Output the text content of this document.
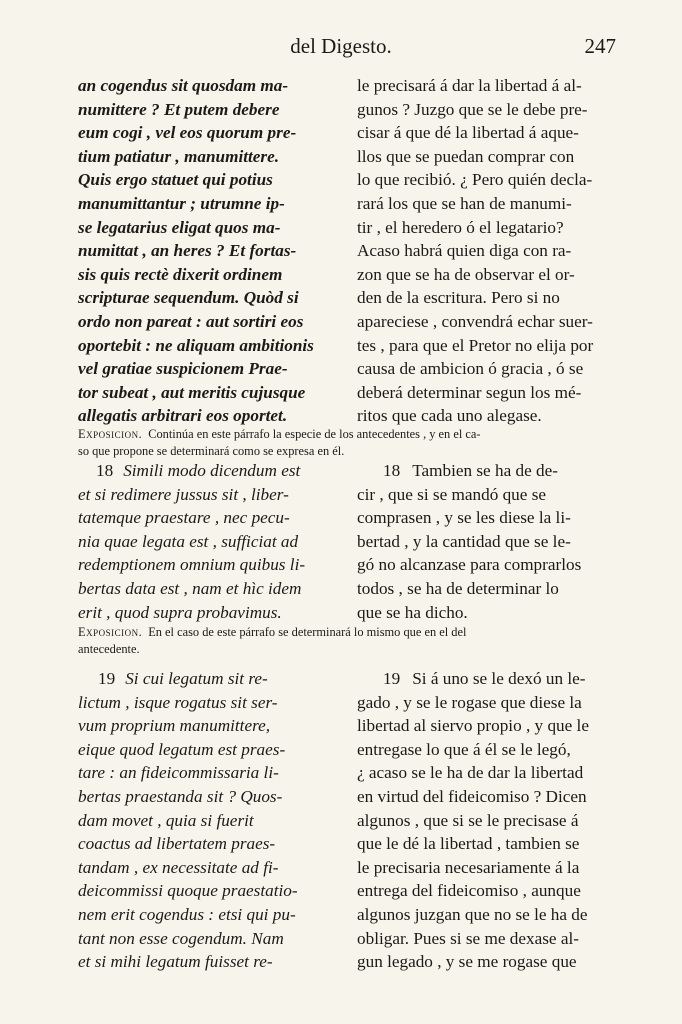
del Digesto.	247
an cogendus sit quosdam ma-
numittere ? Et putem debere
eum cogi , vel eos quorum pre-
tium patiatur , manumittere.
Quis ergo statuet qui potius
manumittantur ; utrumne ip-
se legatarius eligat quos ma-
numittat , an heres ? Et fortas-
sis quis rectè dixerit ordinem
scripturae sequendum. Quòd si
ordo non pareat : aut sortiri eos
oportebit : ne aliquam ambitionis
vel gratiae suspicionem Prae-
tor subeat , aut meritis cujusque
allegatis arbitrari eos oportet.
le precisará á dar la libertad á al-
gunos ? Juzgo que se le debe pre-
cisar á que dé la libertad á aque-
llos que se puedan comprar con
lo que recibió. ¿ Pero quién decla-
rará los que se han de manumi-
tir , el heredero ó el legatario?
Acaso habrá quien diga con ra-
zon que se ha de observar el or-
den de la escritura. Pero si no
apareciese , convendrá echar suer-
tes , para que el Pretor no elija por
causa de ambicion ó gracia , ó se
deberá determinar segun los mé-
ritos que cada uno alegase.
Exposicion. Continúa en este párrafo la especie de los antecedentes , y en el ca-
so que propone se determinará como se expresa en él.
18 Simili modo dicendum est
et si redimere jussus sit , liber-
tatemque praestare , nec pecu-
nia quae legata est , sufficiat ad
redemptionem omnium quibus li-
bertas data est , nam et hìc idem
erit , quod supra probavimus.
18 Tambien se ha de de-
cir , que si se mandó que se
comprasen , y se les diese la li-
bertad , y la cantidad que se le-
gó no alcanzase para comprarlos
todos , se ha de determinar lo
que se ha dicho.
Exposicion. En el caso de este párrafo se determinará lo mismo que en el del
antecedente.
19 Si cui legatum sit re-
lictum , isque rogatus sit ser-
vum proprium manumittere,
eique quod legatum est praes-
tare : an fideicommissaria li-
bertas praestanda sit ? Quos-
dam movet , quia si fuerit
coactus ad libertatem praes-
tandam , ex necessitate ad fi-
deicommissi quoque praestatio-
nem erit cogendus : etsi qui pu-
tant non esse cogendum. Nam
et si mihi legatum fuisset re-
19 Si á uno se le dexó un le-
gado , y se le rogase que diese la
libertad al siervo propio , y que le
entregase lo que á él se le legó,
¿ acaso se le ha de dar la libertad
en virtud del fideicomiso ? Dicen
algunos , que si se le precisase á
que le dé la libertad , tambien se
le precisaria necesariamente á la
entrega del fideicomiso , aunque
algunos juzgan que no se le ha de
obligar. Pues si se me dexase al-
gun legado , y se me rogase que
